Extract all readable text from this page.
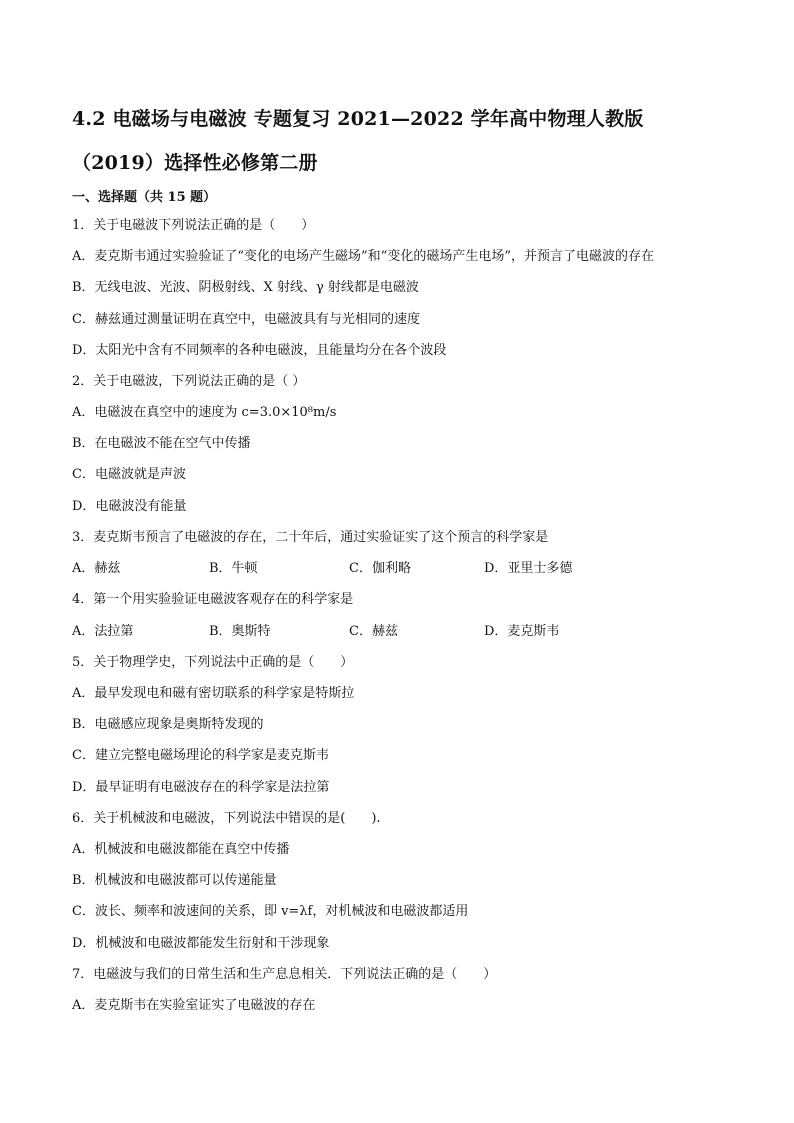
4.2 电磁场与电磁波 专题复习 2021—2022 学年高中物理人教版
（2019）选择性必修第二册
一、选择题（共 15 题）
1．关于电磁波下列说法正确的是（　　）
A．麦克斯韦通过实验验证了“变化的电场产生磁场”和“变化的磁场产生电场”，并预言了电磁波的存在
B．无线电波、光波、阴极射线、X 射线、γ 射线都是电磁波
C．赫兹通过测量证明在真空中，电磁波具有与光相同的速度
D．太阳光中含有不同频率的各种电磁波，且能量均分在各个波段
2．关于电磁波，下列说法正确的是（ ）
A．电磁波在真空中的速度为 c=3.0×10⁸m/s
B．在电磁波不能在空气中传播
C．电磁波就是声波
D．电磁波没有能量
3．麦克斯韦预言了电磁波的存在，二十年后，通过实验证实了这个预言的科学家是
A．赫兹	B．牛顿	C．伽利略	D．亚里士多德
4．第一个用实验验证电磁波客观存在的科学家是
A．法拉第	B．奥斯特	C．赫兹	D．麦克斯韦
5．关于物理学史，下列说法中正确的是（　　）
A．最早发现电和磁有密切联系的科学家是特斯拉
B．电磁感应现象是奥斯特发现的
C．建立完整电磁场理论的科学家是麦克斯韦
D．最早证明有电磁波存在的科学家是法拉第
6．关于机械波和电磁波，下列说法中错误的是(　　).
A．机械波和电磁波都能在真空中传播
B．机械波和电磁波都可以传递能量
C．波长、频率和波速间的关系，即 v=λf，对机械波和电磁波都适用
D．机械波和电磁波都能发生衍射和干涉现象
7．电磁波与我们的日常生活和生产息息相关．下列说法正确的是（　　）
A．麦克斯韦在实验室证实了电磁波的存在
